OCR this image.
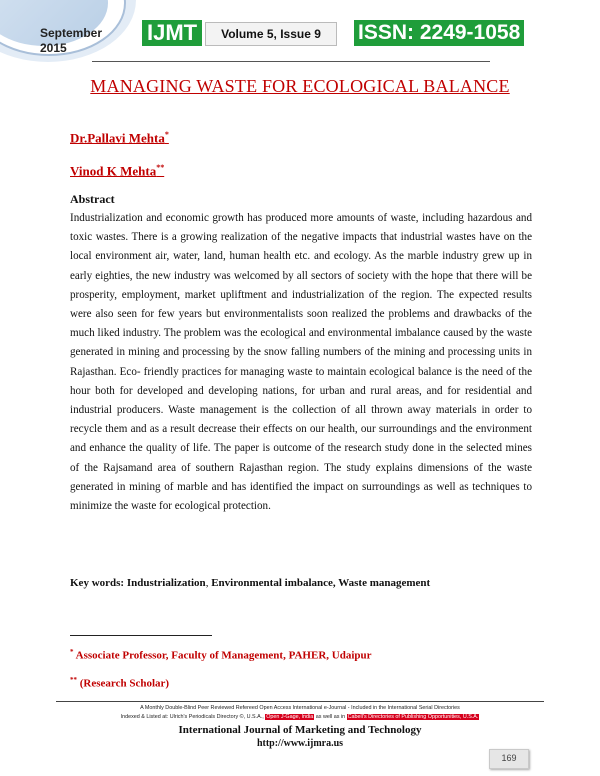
September 2015
IJMT	Volume 5, Issue 9	ISSN: 2249-1058
MANAGING WASTE FOR ECOLOGICAL BALANCE
Dr.Pallavi Mehta*
Vinod K Mehta**
Abstract
Industrialization and economic growth has produced more amounts of waste, including hazardous and toxic wastes. There is a growing realization of the negative impacts that industrial wastes have on the local environment air, water, land, human health etc. and ecology. As the marble industry grew up in early eighties, the new industry was welcomed by all sectors of society with the hope that there will be prosperity, employment, market upliftment and industrialization of the region. The expected results were also seen for few years but environmentalists soon realized the problems and drawbacks of the much liked industry. The problem was the ecological and environmental imbalance caused by the waste generated in mining and processing by the snow falling numbers of the mining and processing units in Rajasthan. Eco- friendly practices for managing waste to maintain ecological balance is the need of the hour both for developed and developing nations, for urban and rural areas, and for residential and industrial producers. Waste management is the collection of all thrown away materials in order to recycle them and as a result decrease their effects on our health, our surroundings and the environment and enhance the quality of life. The paper is outcome of the research study done in the selected mines of the Rajsamand area of southern Rajasthan region. The study explains dimensions of the waste generated in mining of marble and has identified the impact on surroundings as well as techniques to minimize the waste for ecological protection.
Key words: Industrialization, Environmental imbalance, Waste management
* Associate Professor, Faculty of Management, PAHER, Udaipur
** (Research Scholar)
A Monthly Double-Blind Peer Reviewed Refereed Open Access International e-Journal - Included in the International Serial Directories
Indexed & Listed at: Ulrich's Periodicals Directory ©, U.S.A., Open J-Gage, India as well as in Cabell's Directories of Publishing Opportunities, U.S.A.
International Journal of Marketing and Technology
http://www.ijmra.us
169
